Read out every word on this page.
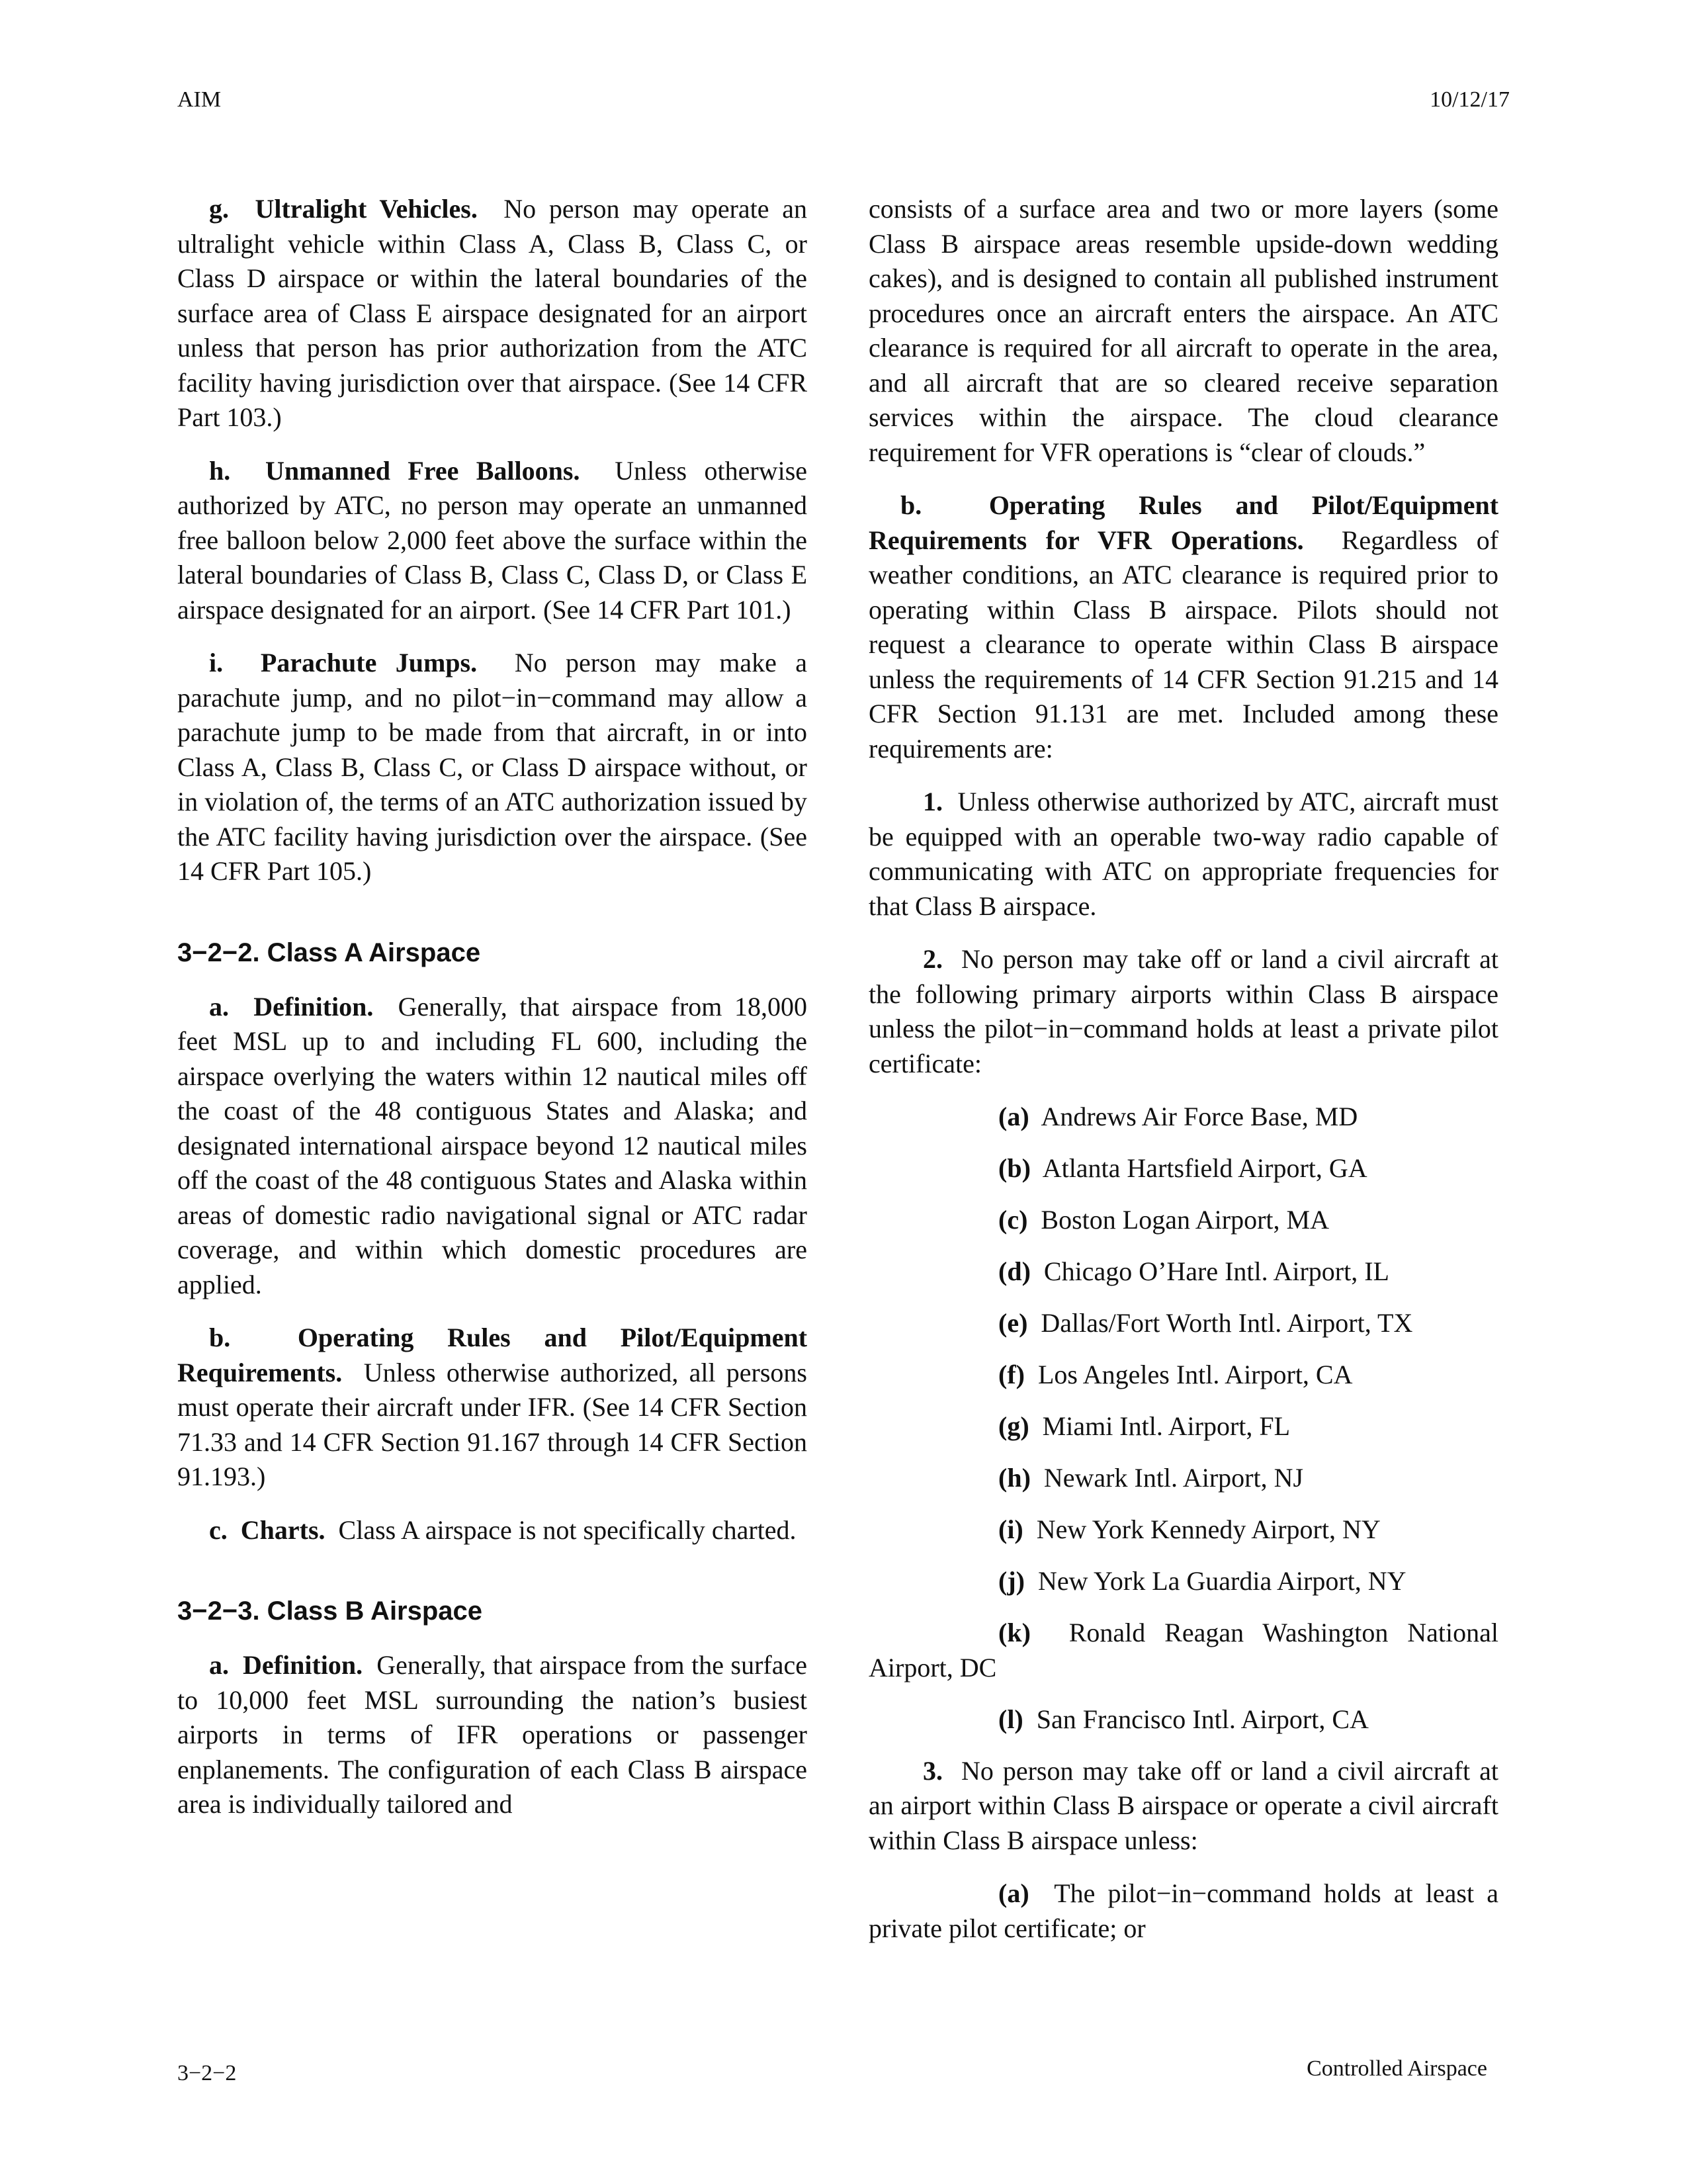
AIM	10/12/17

g. Ultralight Vehicles. No person may operate an ultralight vehicle within Class A, Class B, Class C, or Class D airspace or within the lateral boundaries of the surface area of Class E airspace designated for an airport unless that person has prior authorization from the ATC facility having jurisdiction over that airspace. (See 14 CFR Part 103.)

h. Unmanned Free Balloons. Unless otherwise authorized by ATC, no person may operate an unmanned free balloon below 2,000 feet above the surface within the lateral boundaries of Class B, Class C, Class D, or Class E airspace designated for an airport. (See 14 CFR Part 101.)

i. Parachute Jumps. No person may make a parachute jump, and no pilot−in−command may allow a parachute jump to be made from that aircraft, in or into Class A, Class B, Class C, or Class D airspace without, or in violation of, the terms of an ATC authorization issued by the ATC facility having jurisdiction over the airspace. (See 14 CFR Part 105.)

3−2−2. Class A Airspace

a. Definition. Generally, that airspace from 18,000 feet MSL up to and including FL 600, including the airspace overlying the waters within 12 nautical miles off the coast of the 48 contiguous States and Alaska; and designated international airspace beyond 12 nautical miles off the coast of the 48 contiguous States and Alaska within areas of domestic radio navigational signal or ATC radar coverage, and within which domestic procedures are applied.

b.	Operating Rules and Pilot/Equipment Requirements. Unless otherwise authorized, all persons must operate their aircraft under IFR. (See 14 CFR Section 71.33 and 14 CFR Section 91.167 through 14 CFR Section 91.193.)

c. Charts. Class A airspace is not specifically charted.

3−2−3. Class B Airspace

a. Definition. Generally, that airspace from the surface to 10,000 feet MSL surrounding the nation’s busiest airports in terms of IFR operations or passenger enplanements. The configuration of each Class B airspace area is individually tailored and

consists of a surface area and two or more layers (some Class B airspace areas resemble upside-down wedding cakes), and is designed to contain all published instrument procedures once an aircraft enters the airspace. An ATC clearance is required for all aircraft to operate in the area, and all aircraft that are so cleared receive separation services within the airspace. The cloud clearance requirement for VFR operations is “clear of clouds.”

b.	Operating Rules and Pilot/Equipment Requirements for VFR Operations. Regardless of weather conditions, an ATC clearance is required prior to operating within Class B airspace. Pilots should not request a clearance to operate within Class B airspace unless the requirements of 14 CFR Section 91.215 and 14 CFR Section 91.131 are met. Included among these requirements are:

1. Unless otherwise authorized by ATC, aircraft must be equipped with an operable two-way radio capable of communicating with ATC on appropriate frequencies for that Class B airspace.

2. No person may take off or land a civil aircraft at the following primary airports within Class B airspace unless the pilot−in−command holds at least a private pilot certificate:

(a) Andrews Air Force Base, MD

(b) Atlanta Hartsfield Airport, GA

(c) Boston Logan Airport, MA

(d) Chicago O’Hare Intl. Airport, IL

(e) Dallas/Fort Worth Intl. Airport, TX

(f) Los Angeles Intl. Airport, CA

(g) Miami Intl. Airport, FL

(h) Newark Intl. Airport, NJ

(i) New York Kennedy Airport, NY

(j) New York La Guardia Airport, NY

(k) Ronald Reagan Washington National Airport, DC

(l) San Francisco Intl. Airport, CA

3. No person may take off or land a civil aircraft at an airport within Class B airspace or operate a civil aircraft within Class B airspace unless:

(a) The pilot−in−command holds at least a private pilot certificate; or

3−2−2	Controlled Airspace
